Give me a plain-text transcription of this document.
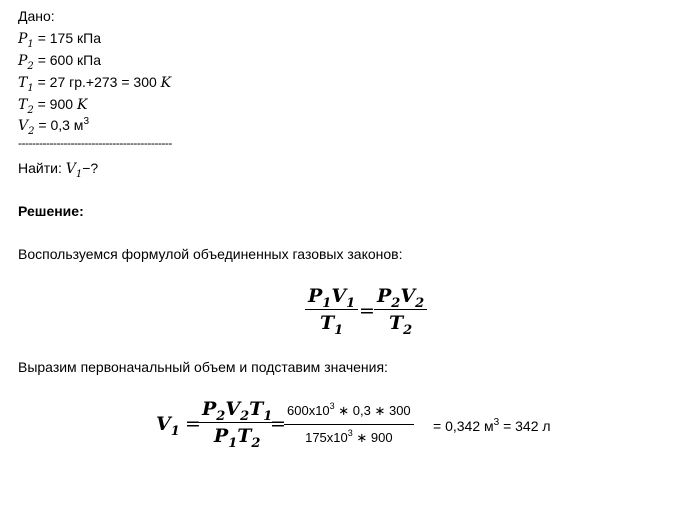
Дано:
$P_1 = 175$ кПа
$P_2 = 600$ кПа
$T_1 = 27$ гр.+273 = 300 K
$T_2 = 900$ K
$V_2 = 0,3$ $м^3$
--------------------------------------------
Найти: $V_1-$?
Решение:
Воспользуемся формулой объединенных газовых законов:
$P_1V_1$
$T_1$
=
$P_2V_2$
$T_2$
Выразим первоначальный объем и подставим значения:
$V_1$ =
$P_2V_2T_1$
$P_1T_2$
=
$600x10^3$ ∗ 0,3 ∗ 300
$175x10^3$ ∗ 900
= 0,342 $м^3 = 342$ л
